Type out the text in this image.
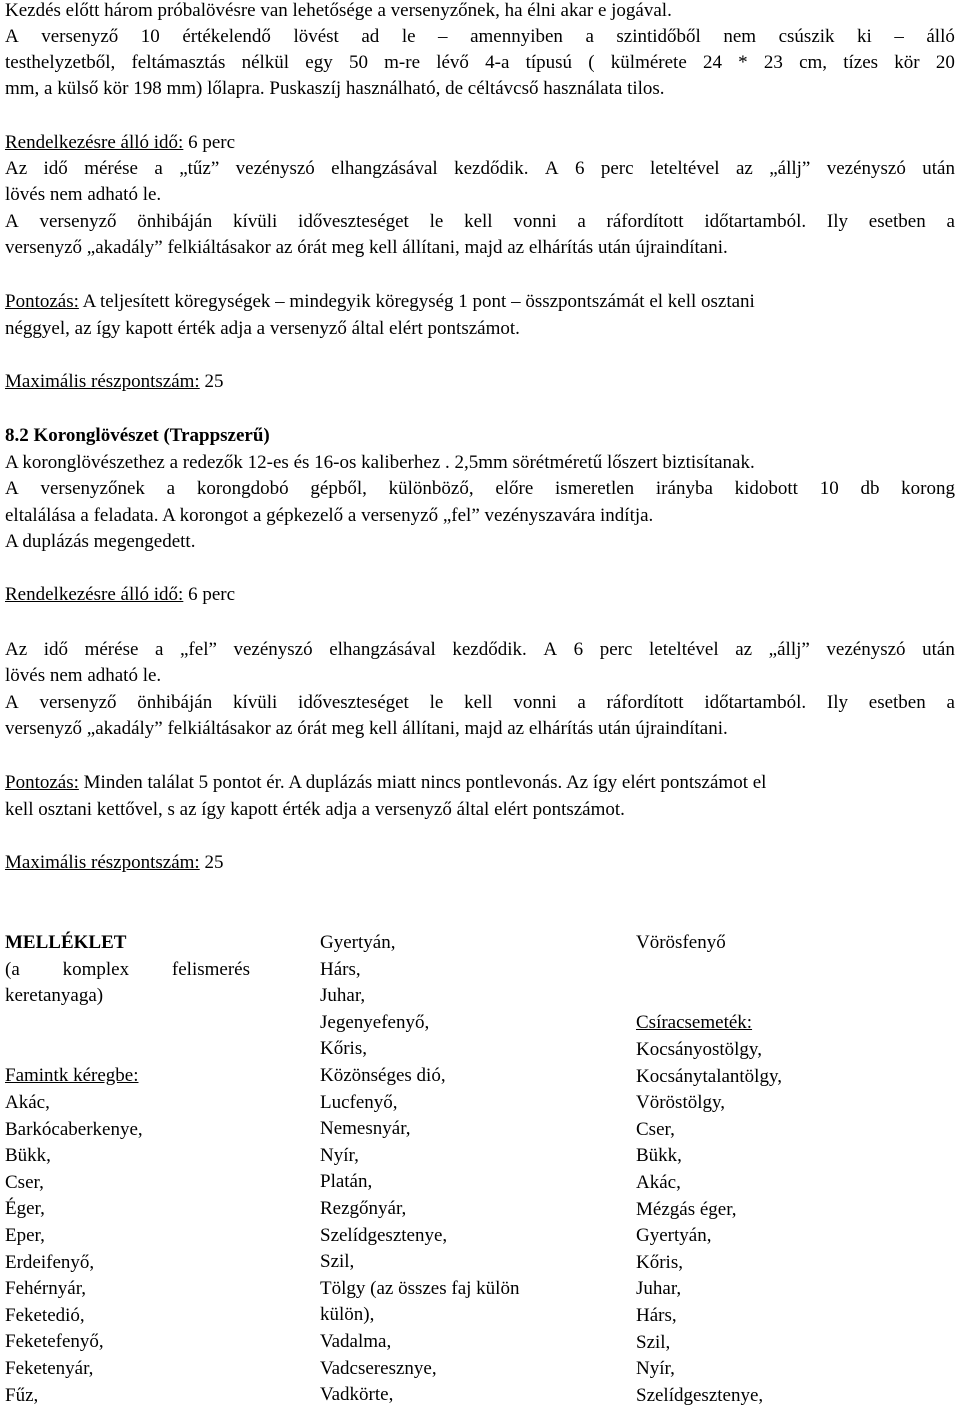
Kezdés előtt három próbalövésre van lehetősége a versenyzőnek, ha élni akar e jogával.
A versenyző 10 értékelendő lövést ad le – amennyiben a szintidőből nem csúszik ki – álló
testhelyzetből, feltámasztás nélkül egy 50 m-re lévő 4-a típusú ( külmérete 24 * 23 cm, tízes kör 20
mm, a külső kör 198 mm) lőlapra. Puskaszíj használható, de céltávcső használata tilos.
Rendelkezésre álló idő: 6 perc
Az idő mérése a „tűz” vezényszó elhangzásával kezdődik. A 6 perc leteltével az „állj” vezényszó után
lövés nem adható le.
A versenyző önhibáján kívüli időveszteséget le kell vonni a ráfordított időtartamból. Ily esetben a
versenyző „akadály” felkiáltásakor az órát meg kell állítani, majd az elhárítás után újraindítani.
Pontozás: A teljesített köregységek – mindegyik köregység 1 pont – összpontszámát el kell osztani
néggyel, az így kapott érték adja a versenyző által elért pontszámot.
Maximális részpontszám: 25
8.2 Koronglövészet (Trappszerű)
A koronglövészethez a redezők 12-es és 16-os kaliberhez . 2,5mm sörétméretű lőszert biztisítanak.
A versenyzőnek a korongdobó gépből, különböző, előre ismeretlen irányba kidobott 10 db korong
eltalálása a feladata. A korongot a gépkezelő a versenyző „fel” vezényszavára indítja.
A duplázás megengedett.
Rendelkezésre álló idő: 6 perc
Az idő mérése a „fel” vezényszó elhangzásával kezdődik. A 6 perc leteltével az „állj” vezényszó után
lövés nem adható le.
A versenyző önhibáján kívüli időveszteséget le kell vonni a ráfordított időtartamból. Ily esetben a
versenyző „akadály” felkiáltásakor az órát meg kell állítani, majd az elhárítás után újraindítani.
Pontozás: Minden találat 5 pontot ér. A duplázás miatt nincs pontlevonás. Az így elért pontszámot el
kell osztani kettővel, s az így kapott érték adja a versenyző által elért pontszámot.
Maximális részpontszám: 25
MELLÉKLET
(a komplex felismerés
keretanyaga)
Famintk kéregbe:
Akác,
Barkócaberkenye,
Bükk,
Cser,
Éger,
Eper,
Erdeifenyő,
Fehérnyár,
Feketedió,
Feketefenyő,
Feketenyár,
Fűz,
Gyertyán,
Hárs,
Juhar,
Jegenyefenyő,
Kőris,
Közönséges dió,
Lucfenyő,
Nemesnyár,
Nyír,
Platán,
Rezgőnyár,
Szelídgesztenye,
Szil,
Tölgy (az összes faj külön
külön),
Vadalma,
Vadcseresznye,
Vadkörte,
Vörösfenyő
Csíracsemeték:
Kocsányostölgy,
Kocsánytalantölgy,
Vöröstölgy,
Cser,
Bükk,
Akác,
Mézgás éger,
Gyertyán,
Kőris,
Juhar,
Hárs,
Szil,
Nyír,
Szelídgesztenye,
